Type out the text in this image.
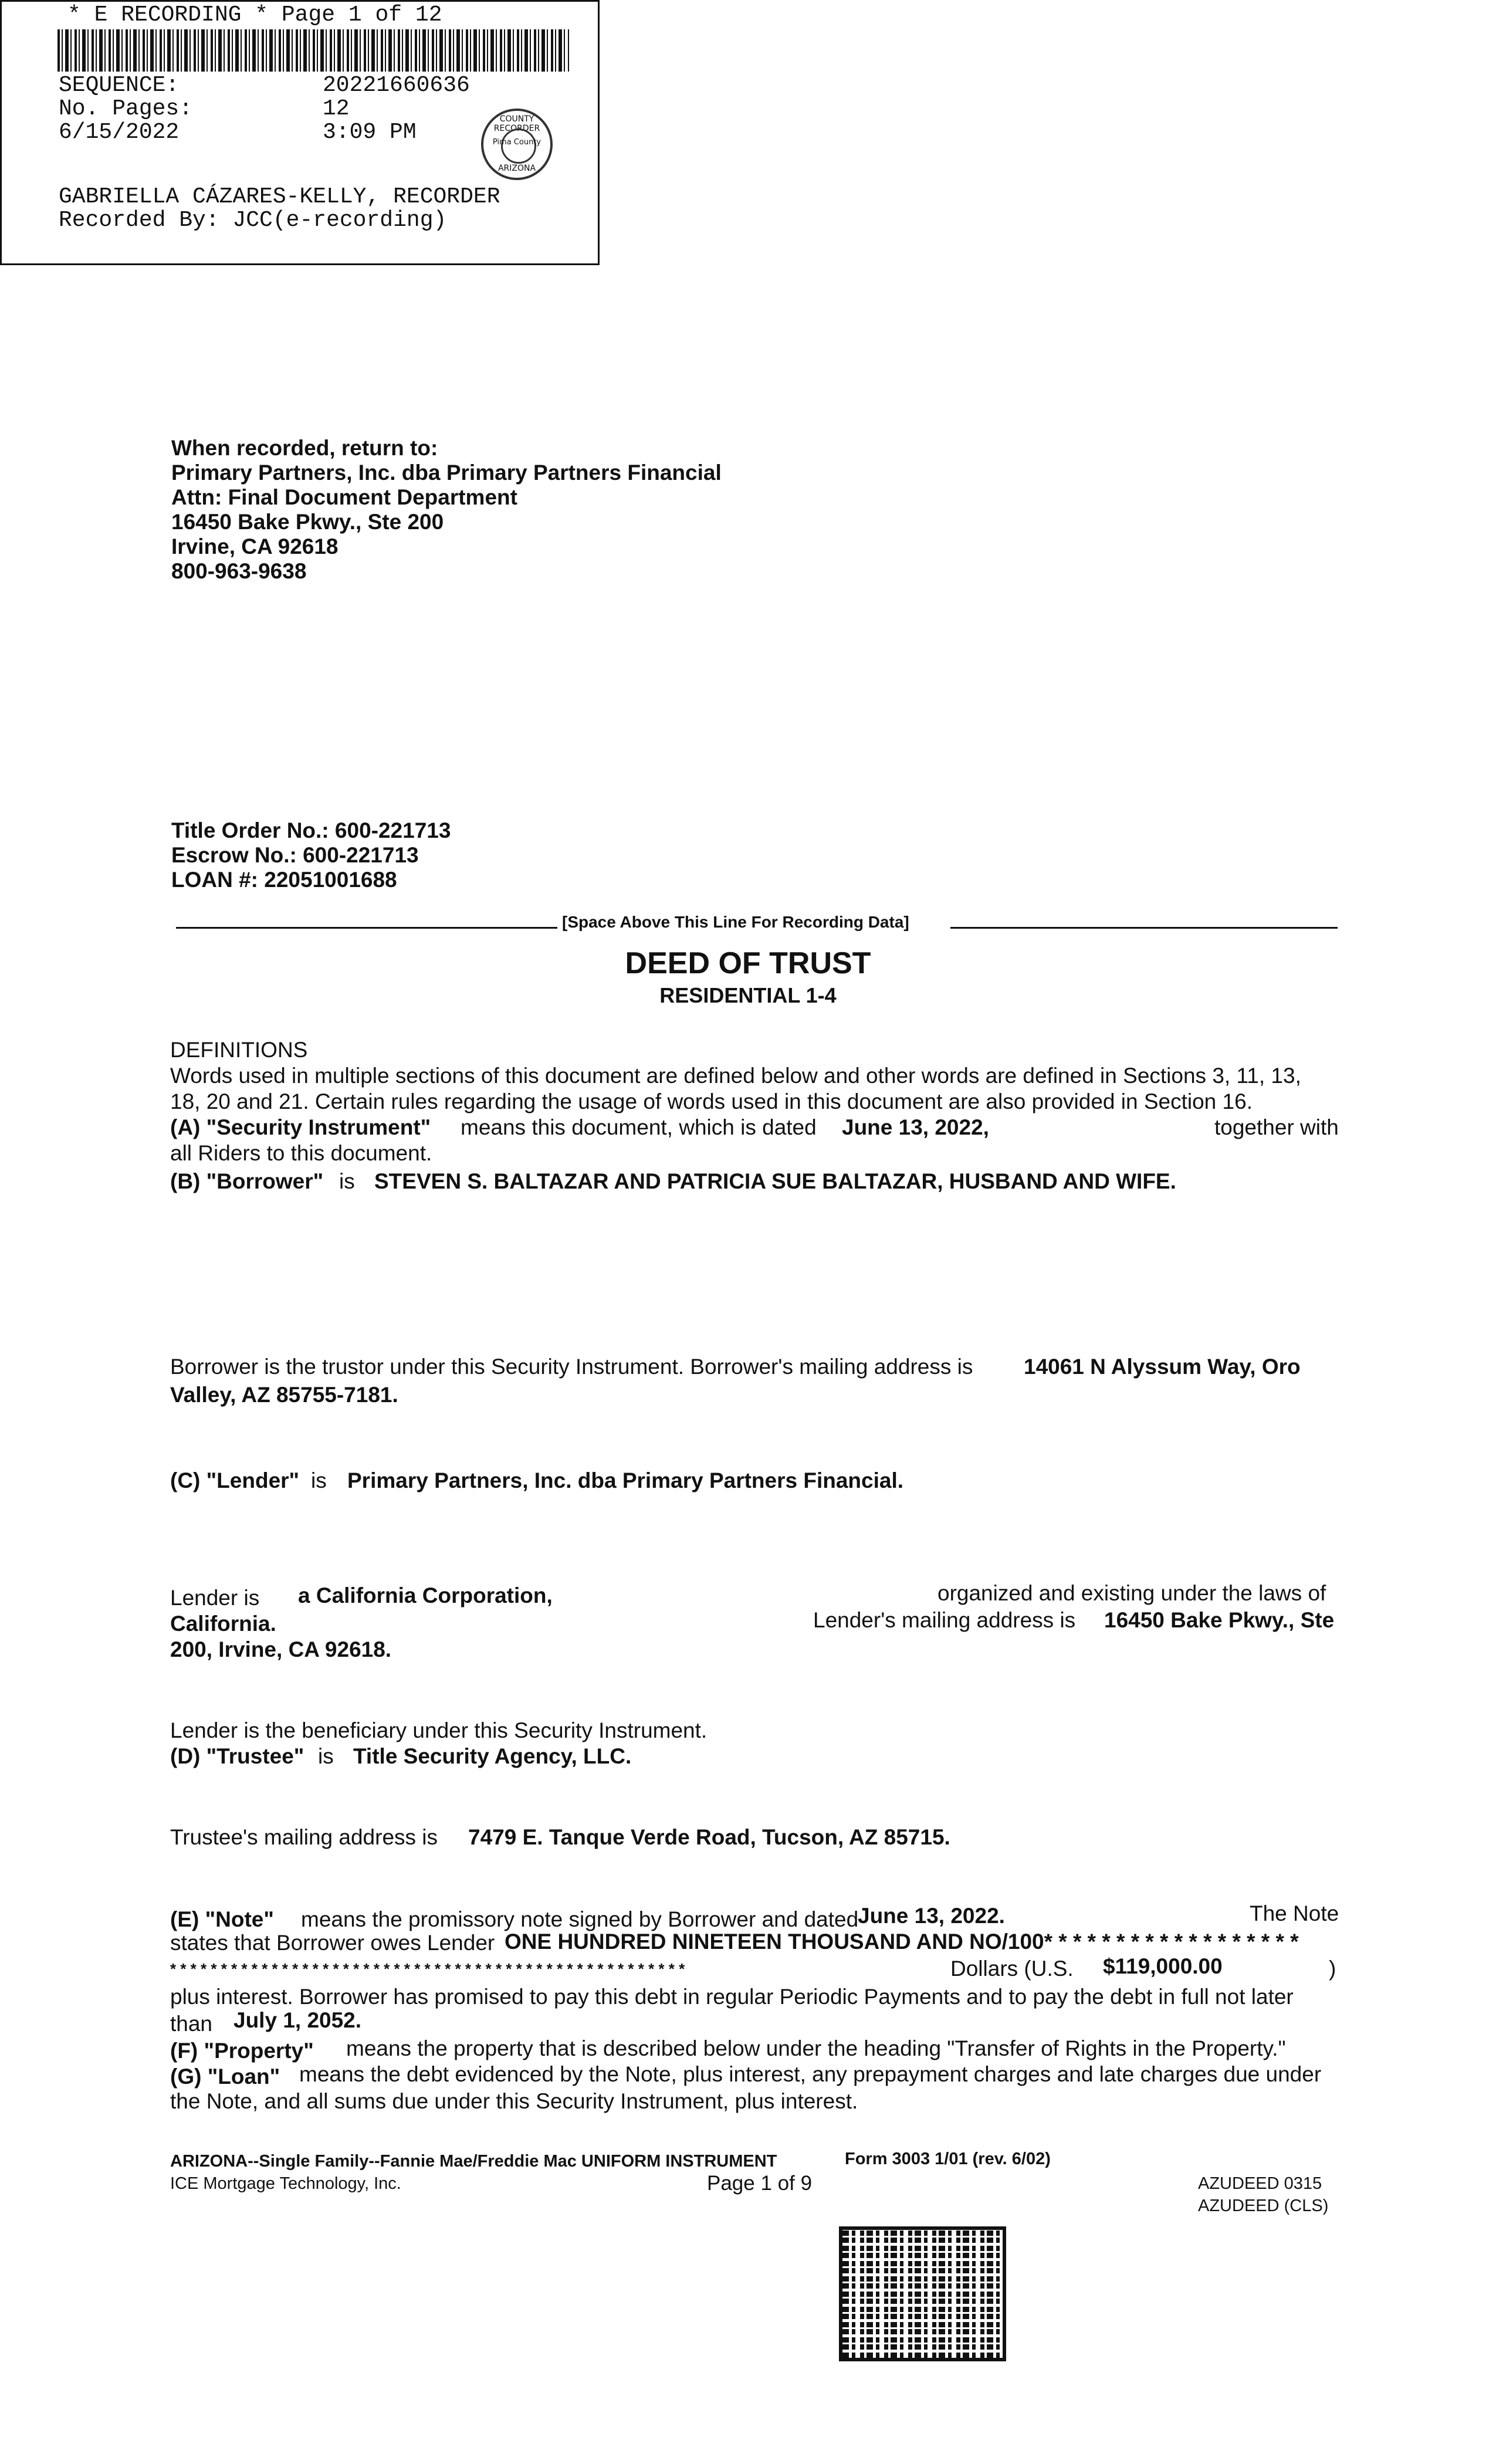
* E RECORDING * Page 1 of 12
SEQUENCE:	20221660636
No. Pages:	12
6/15/2022	3:09 PM
COUNTY RECORDER
Pima County
ARIZONA
GABRIELLA CÁZARES-KELLY, RECORDER
Recorded By: JCC(e-recording)
When recorded, return to:
Primary Partners, Inc. dba Primary Partners Financial
Attn: Final Document Department
16450 Bake Pkwy., Ste 200
Irvine, CA 92618
800-963-9638
Title Order No.: 600-221713
Escrow No.: 600-221713
LOAN #: 22051001688
[Space Above This Line For Recording Data]
DEED OF TRUST
RESIDENTIAL 1-4
DEFINITIONS
Words used in multiple sections of this document are defined below and other words are defined in Sections 3, 11, 13,
18, 20 and 21. Certain rules regarding the usage of words used in this document are also provided in Section 16.
(A) "Security Instrument" means this document, which is dated June 13, 2022,	together with
all Riders to this document.
(B) "Borrower" is STEVEN S. BALTAZAR AND PATRICIA SUE BALTAZAR, HUSBAND AND WIFE.
Borrower is the trustor under this Security Instrument. Borrower's mailing address is 14061 N Alyssum Way, Oro
Valley, AZ 85755-7181.
(C) "Lender" is Primary Partners, Inc. dba Primary Partners Financial.
Lender is a California Corporation,	organized and existing under the laws of
California.	Lender's mailing address is 16450 Bake Pkwy., Ste
200, Irvine, CA 92618.
Lender is the beneficiary under this Security Instrument.
(D) "Trustee" is Title Security Agency, LLC.
Trustee's mailing address is 7479 E. Tanque Verde Road, Tucson, AZ 85715.
(E) "Note" means the promissory note signed by Borrower and dated
June 13, 2022.	The Note
states that Borrower owes Lender ONE HUNDRED NINETEEN THOUSAND AND NO/100* * * * * * * * * * * * * * * * * *
* * * * * * * * * * * * * * * * * * * * * * * * * * * * * * * * * * * * * * * * * * * * * * * * * * *	Dollars (U.S. $119,000.00	)
plus interest. Borrower has promised to pay this debt in regular Periodic Payments and to pay the debt in full not later
than July 1, 2052.
(F) "Property" means the property that is described below under the heading "Transfer of Rights in the Property."
(G) "Loan" means the debt evidenced by the Note, plus interest, any prepayment charges and late charges due under
the Note, and all sums due under this Security Instrument, plus interest.
ARIZONA--Single Family--Fannie Mae/Freddie Mac UNIFORM INSTRUMENT	Form 3003 1/01 (rev. 6/02)
ICE Mortgage Technology, Inc.	Page 1 of 9	AZUDEED 0315
AZUDEED (CLS)
